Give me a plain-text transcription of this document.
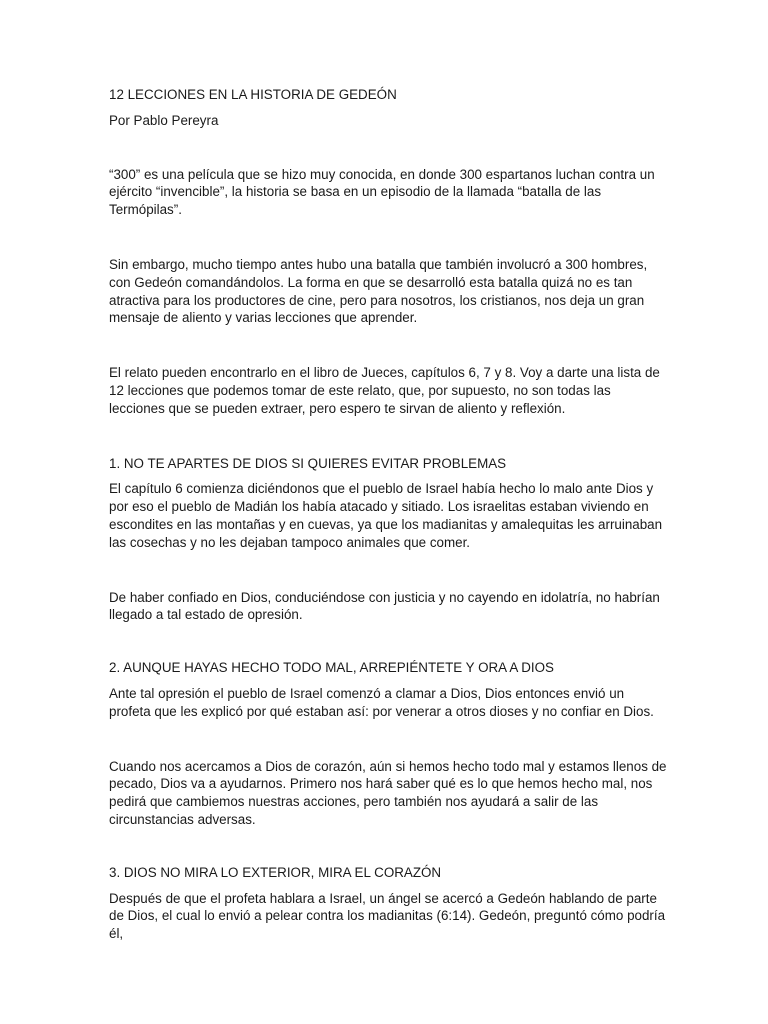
12 LECCIONES EN LA HISTORIA DE GEDEÓN

Por Pablo Pereyra

“300” es una película que se hizo muy conocida, en donde 300 espartanos luchan contra un ejército “invencible”, la historia se basa en un episodio de la llamada “batalla de las Termópilas”.

Sin embargo, mucho tiempo antes hubo una batalla que también involucró a 300 hombres, con Gedeón comandándolos. La forma en que se desarrolló esta batalla quizá no es tan atractiva para los productores de cine, pero para nosotros, los cristianos, nos deja un gran mensaje de aliento y varias lecciones que aprender.

El relato pueden encontrarlo en el libro de Jueces, capítulos 6, 7 y 8. Voy a darte una lista de 12 lecciones que podemos tomar de este relato, que, por supuesto, no son todas las lecciones que se pueden extraer, pero espero te sirvan de aliento y reflexión.

1. NO TE APARTES DE DIOS SI QUIERES EVITAR PROBLEMAS

El capítulo 6 comienza diciéndonos que el pueblo de Israel había hecho lo malo ante Dios y por eso el pueblo de Madián los había atacado y sitiado. Los israelitas estaban viviendo en escondites en las montañas y en cuevas, ya que los madianitas y amalequitas les arruinaban las cosechas y no les dejaban tampoco animales que comer.

De haber confiado en Dios, conduciéndose con justicia y no cayendo en idolatría, no habrían llegado a tal estado de opresión.

2. AUNQUE HAYAS HECHO TODO MAL, ARREPIÉNTETE Y ORA A DIOS

Ante tal opresión el pueblo de Israel comenzó a clamar a Dios, Dios entonces envió un profeta que les explicó por qué estaban así: por venerar a otros dioses y no confiar en Dios.

Cuando nos acercamos a Dios de corazón, aún si hemos hecho todo mal y estamos llenos de pecado, Dios va a ayudarnos. Primero nos hará saber qué es lo que hemos hecho mal, nos pedirá que cambiemos nuestras acciones, pero también nos ayudará a salir de las circunstancias adversas.

3. DIOS NO MIRA LO EXTERIOR, MIRA EL CORAZÓN

Después de que el profeta hablara a Israel, un ángel se acercó a Gedeón hablando de parte de Dios, el cual lo envió a pelear contra los madianitas (6:14). Gedeón, preguntó cómo podría él,
